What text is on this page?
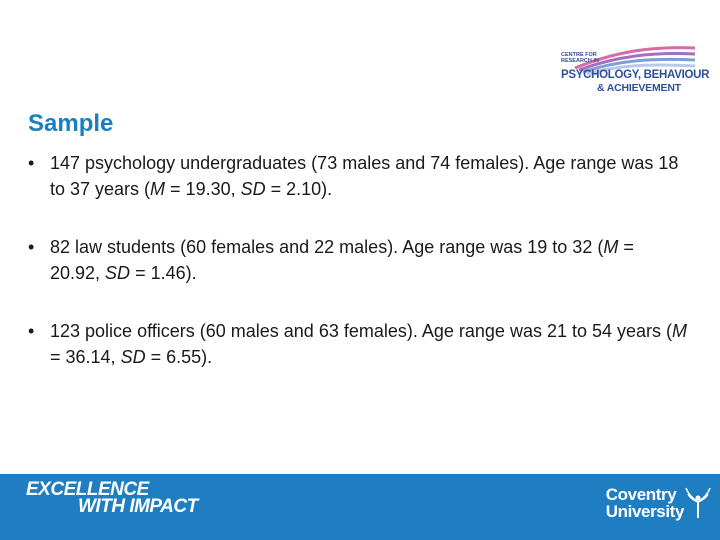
CENTRE FOR
RESEARCH IN
PSYCHOLOGY, BEHAVIOUR
& ACHIEVEMENT
Sample
• 147 psychology undergraduates (73 males and 74 females). Age range was 18 to 37 years (M = 19.30, SD = 2.10).
• 82 law students (60 females and 22 males). Age range was 19 to 32 (M = 20.92, SD = 1.46).
• 123 police officers (60 males and 63 females). Age range was 21 to 54 years (M = 36.14, SD = 6.55).
EXCELLENCE
WITH IMPACT
Coventry
University
